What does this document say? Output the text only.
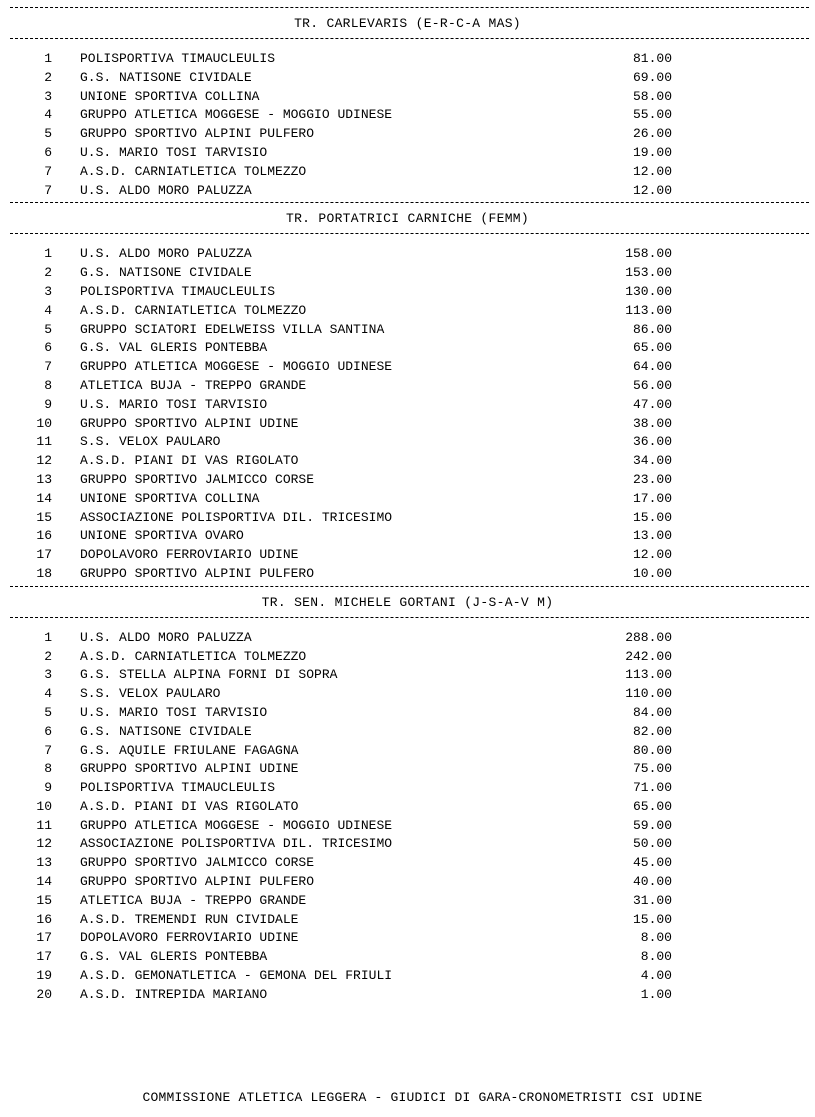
TR. CARLEVARIS (E-R-C-A MAS)
1 POLISPORTIVA TIMAUCLEULIS	81.00
2 G.S. NATISONE CIVIDALE	69.00
3 UNIONE SPORTIVA COLLINA	58.00
4 GRUPPO ATLETICA MOGGESE - MOGGIO UDINESE	55.00
5 GRUPPO SPORTIVO ALPINI PULFERO	26.00
6 U.S. MARIO TOSI TARVISIO	19.00
7 A.S.D. CARNIATLETICA TOLMEZZO	12.00
7 U.S. ALDO MORO PALUZZA	12.00
TR. PORTATRICI CARNICHE (FEMM)
1 U.S. ALDO MORO PALUZZA	158.00
2 G.S. NATISONE CIVIDALE	153.00
3 POLISPORTIVA TIMAUCLEULIS	130.00
4 A.S.D. CARNIATLETICA TOLMEZZO	113.00
5 GRUPPO SCIATORI EDELWEISS VILLA SANTINA	86.00
6 G.S. VAL GLERIS PONTEBBA	65.00
7 GRUPPO ATLETICA MOGGESE - MOGGIO UDINESE	64.00
8 ATLETICA BUJA - TREPPO GRANDE	56.00
9 U.S. MARIO TOSI TARVISIO	47.00
10 GRUPPO SPORTIVO ALPINI UDINE	38.00
11 S.S. VELOX PAULARO	36.00
12 A.S.D. PIANI DI VAS RIGOLATO	34.00
13 GRUPPO SPORTIVO JALMICCO CORSE	23.00
14 UNIONE SPORTIVA COLLINA	17.00
15 ASSOCIAZIONE POLISPORTIVA DIL. TRICESIMO	15.00
16 UNIONE SPORTIVA OVARO	13.00
17 DOPOLAVORO FERROVIARIO UDINE	12.00
18 GRUPPO SPORTIVO ALPINI PULFERO	10.00
TR. SEN. MICHELE GORTANI (J-S-A-V M)
1 U.S. ALDO MORO PALUZZA	288.00
2 A.S.D. CARNIATLETICA TOLMEZZO	242.00
3 G.S. STELLA ALPINA FORNI DI SOPRA	113.00
4 S.S. VELOX PAULARO	110.00
5 U.S. MARIO TOSI TARVISIO	84.00
6 G.S. NATISONE CIVIDALE	82.00
7 G.S. AQUILE FRIULANE FAGAGNA	80.00
8 GRUPPO SPORTIVO ALPINI UDINE	75.00
9 POLISPORTIVA TIMAUCLEULIS	71.00
10 A.S.D. PIANI DI VAS RIGOLATO	65.00
11 GRUPPO ATLETICA MOGGESE - MOGGIO UDINESE	59.00
12 ASSOCIAZIONE POLISPORTIVA DIL. TRICESIMO	50.00
13 GRUPPO SPORTIVO JALMICCO CORSE	45.00
14 GRUPPO SPORTIVO ALPINI PULFERO	40.00
15 ATLETICA BUJA - TREPPO GRANDE	31.00
16 A.S.D. TREMENDI RUN CIVIDALE	15.00
17 DOPOLAVORO FERROVIARIO UDINE	8.00
17 G.S. VAL GLERIS PONTEBBA	8.00
19 A.S.D. GEMONATLETICA - GEMONA DEL FRIULI	4.00
20 A.S.D. INTREPIDA MARIANO	1.00
COMMISSIONE ATLETICA LEGGERA - GIUDICI DI GARA-CRONOMETRISTI CSI UDINE
